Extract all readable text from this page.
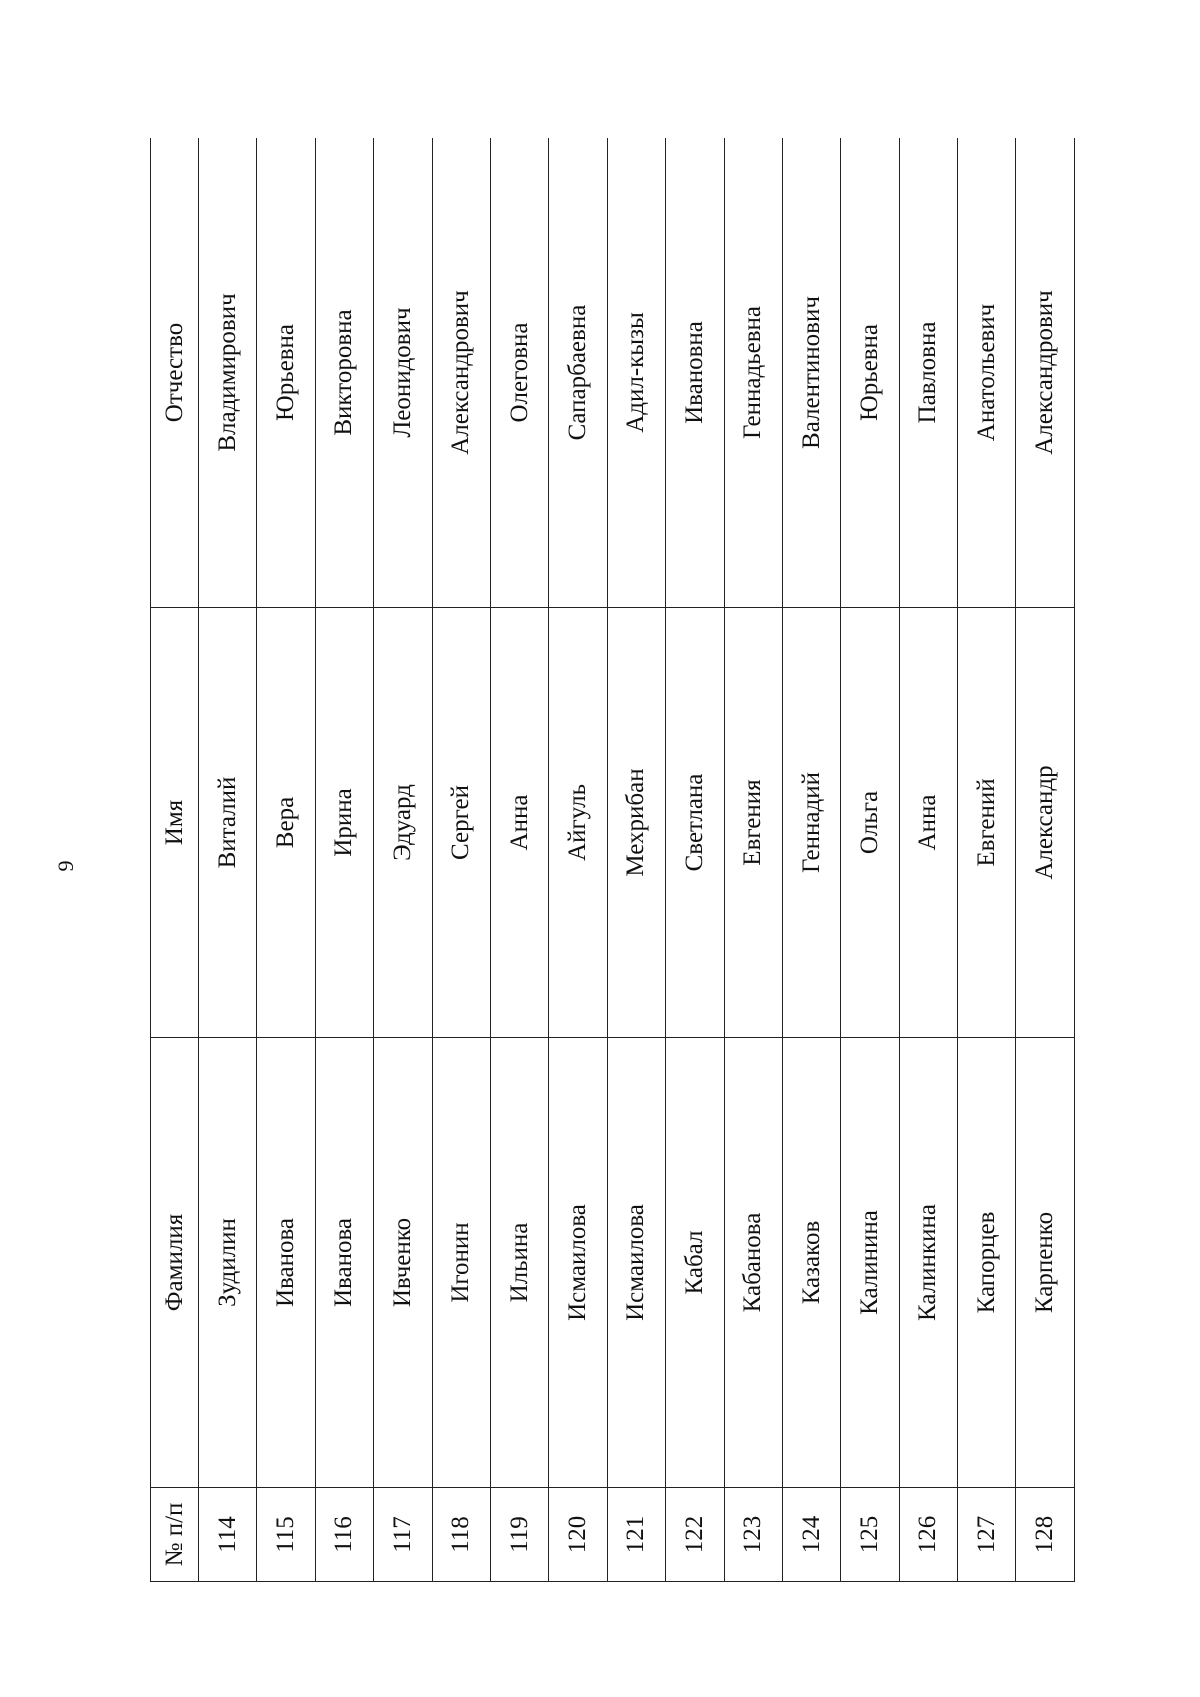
9
№ п/п	Фамилия	Имя	Отчество
114	Зудилин	Виталий	Владимирович
115	Иванова	Вера	Юрьевна
116	Иванова	Ирина	Викторовна
117	Ивченко	Эдуард	Леонидович
118	Игонин	Сергей	Александрович
119	Ильина	Анна	Олеговна
120	Исмаилова	Айгуль	Сапарбаевна
121	Исмаилова	Мехрибан	Адил-кызы
122	Кабал	Светлана	Ивановна
123	Кабанова	Евгения	Геннадьевна
124	Казаков	Геннадий	Валентинович
125	Калинина	Ольга	Юрьевна
126	Калинкина	Анна	Павловна
127	Капорцев	Евгений	Анатольевич
128	Карпенко	Александр	Александрович
